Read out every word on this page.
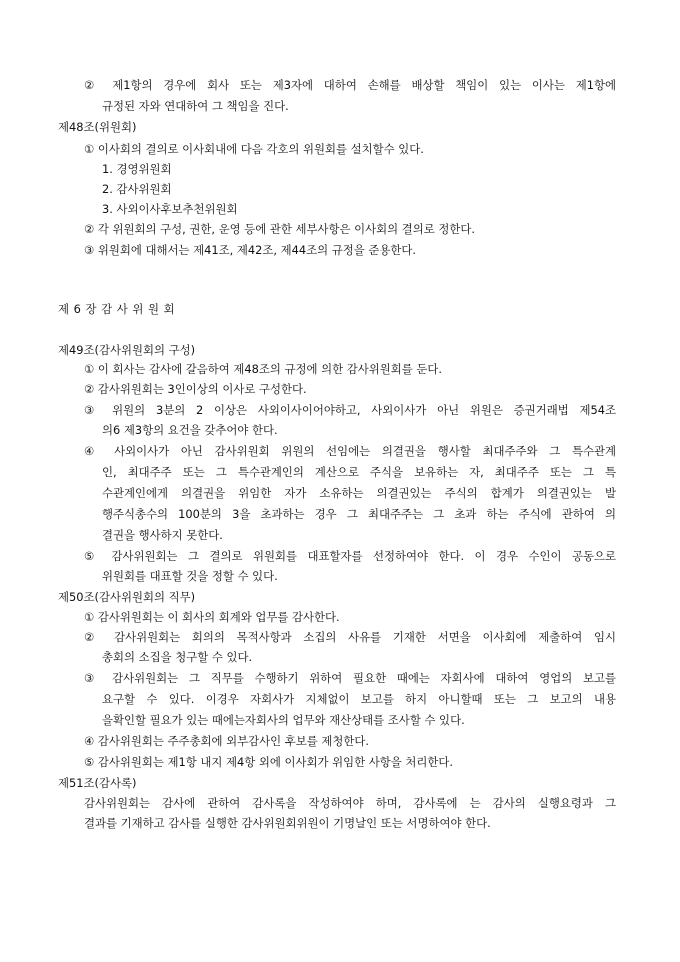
② 제1항의 경우에 회사 또는 제3자에 대하여 손해를 배상할 책임이 있는 이사는 제1항에
규정된 자와 연대하여 그 책임을 진다.
제48조(위원회)
① 이사회의 결의로 이사회내에 다음 각호의 위원회를 설치할수 있다.
1. 경영위원회
2. 감사위원회
3. 사외이사후보추천위원회
② 각 위원회의 구성, 권한, 운영 등에 관한 세부사항은 이사회의 결의로 정한다.
③ 위원회에 대해서는 제41조, 제42조, 제44조의 규정을 준용한다.
제 6 장 감 사 위 원 회
제49조(감사위원회의 구성)
① 이 회사는 감사에 갈음하여 제48조의 규정에 의한 감사위원회를 둔다.
② 감사위원회는 3인이상의 이사로 구성한다.
③ 위원의 3분의 2 이상은 사외이사이어야하고, 사외이사가 아닌 위원은 증권거래법 제54조
의6 제3항의 요건을 갖추어야 한다.
④ 사외이사가 아닌 감사위원회 위원의 선임에는 의결권을 행사할 최대주주와 그 특수관계
인, 최대주주 또는 그 특수관계인의 계산으로 주식을 보유하는 자, 최대주주 또는 그 특
수관계인에게 의결권을 위임한 자가 소유하는 의결권있는 주식의 합계가 의결권있는 발
행주식총수의 100분의 3을 초과하는 경우 그 최대주주는 그 초과 하는 주식에 관하여 의
결권을 행사하지 못한다.
⑤ 감사위원회는 그 결의로 위원회를 대표할자를 선정하여야 한다. 이 경우 수인이 공동으로
위원회를 대표할 것을 정할 수 있다.
제50조(감사위원회의 직무)
① 감사위원회는 이 회사의 회계와 업무를 감사한다.
② 감사위원회는 회의의 목적사항과 소집의 사유를 기재한 서면을 이사회에 제출하여 임시
총회의 소집을 청구할 수 있다.
③ 감사위원회는 그 직무를 수행하기 위하여 필요한 때에는 자회사에 대하여 영업의 보고를
요구할 수 있다. 이경우 자회사가 지체없이 보고를 하지 아니할때 또는 그 보고의 내용
을확인할 필요가 있는 때에는자회사의 업무와 재산상태를 조사할 수 있다.
④ 감사위원회는 주주총회에 외부감사인 후보를 제청한다.
⑤ 감사위원회는 제1항 내지 제4항 외에 이사회가 위임한 사항을 처리한다.
제51조(감사록)
감사위원회는 감사에 관하여 감사록을 작성하여야 하며, 감사록에 는 감사의 실행요령과 그
결과를 기재하고 감사를 실행한 감사위원회위원이 기명날인 또는 서명하여야 한다.
